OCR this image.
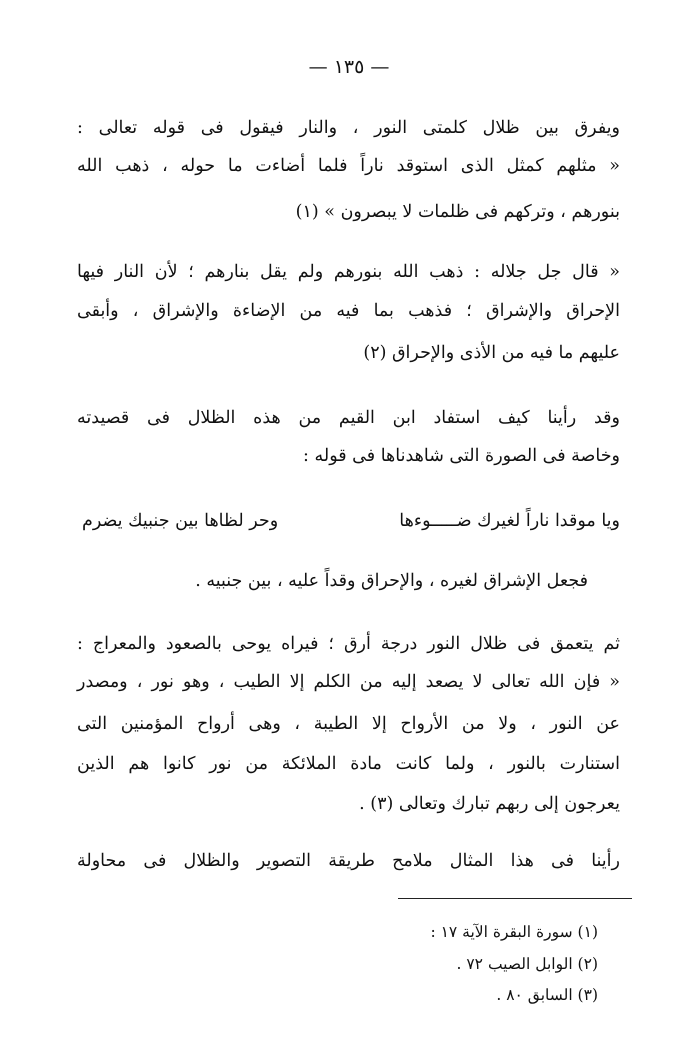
— ١٣٥ —
ويفرق بين ظلال كلمتى النور ، والنار فيقول فى قوله تعالى :
« مثلهم كمثل الذى استوقد ناراً فلما أضاءت ما حوله ، ذهب الله
بنورهم ، وتركهم فى ظلمات لا يبصرون » (١)
« قال جل جلاله : ذهب الله بنورهم ولم يقل بنارهم ؛ لأن النار فيها
الإحراق والإشراق ؛ فذهب بما فيه من الإضاءة والإشراق ، وأبقى
عليهم ما فيه من الأذى والإحراق (٢)
وقد رأينا كيف استفاد ابن القيم من هذه الظلال فى قصيدته
وخاصة فى الصورة التى شاهدناها فى قوله :
ويا موقدا ناراً لغيرك ضـــــوءها
وحر لظاها بين جنبيك يضرم
فجعل الإشراق لغيره ، والإحراق وقداً عليه ، بين جنبيه .
ثم يتعمق فى ظلال النور درجة أرق ؛ فيراه يوحى بالصعود والمعراج :
« فإن الله تعالى لا يصعد إليه من الكلم إلا الطيب ، وهو نور ، ومصدر
عن النور ، ولا من الأرواح إلا الطيبة ، وهى أرواح المؤمنين التى
استنارت بالنور ، ولما كانت مادة الملائكة من نور كانوا هم الذين
يعرجون إلى ربهم تبارك وتعالى (٣) .
رأينا فى هذا المثال ملامح طريقة التصوير والظلال فى محاولة
(١) سورة البقرة الآية ١٧ :
(٢) الوابل الصيب ٧٢ .
(٣) السابق ٨٠ .
